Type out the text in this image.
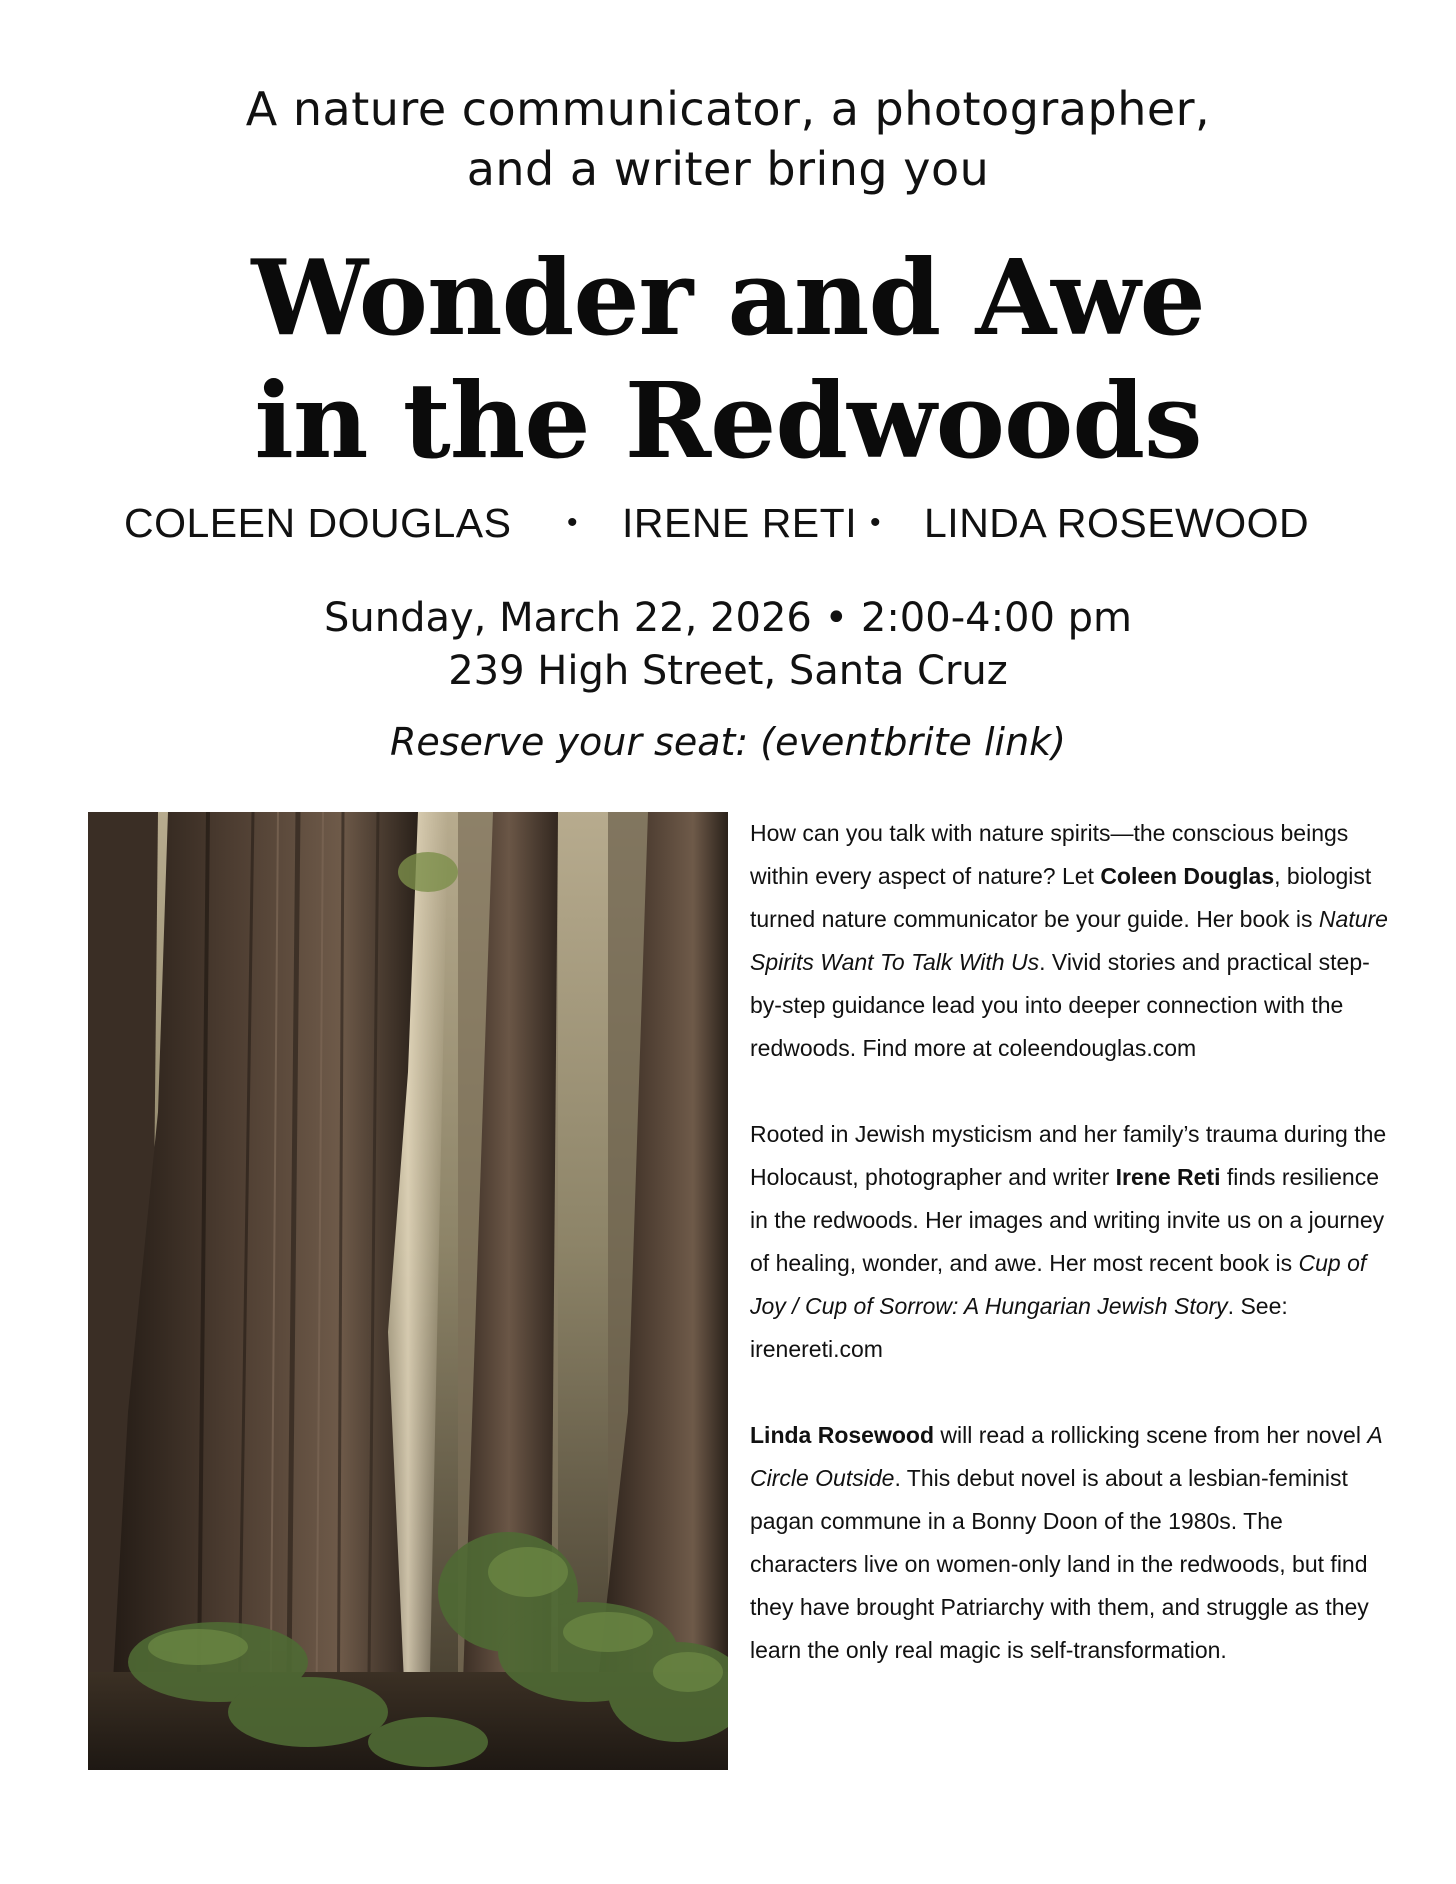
A nature communicator, a photographer,
and a writer bring you
Wonder and Awe
in the Redwoods
COLEEN DOUGLAS • IRENE RETI • LINDA ROSEWOOD
Sunday, March 22, 2026 • 2:00-4:00 pm
239 High Street, Santa Cruz
Reserve your seat: (eventbrite link)

How can you talk with nature spirits—the conscious beings within every aspect of nature? Let Coleen Douglas, biologist turned nature communicator be your guide. Her book is Nature Spirits Want To Talk With Us. Vivid stories and practical step-by-step guidance lead you into deeper connection with the redwoods. Find more at coleendouglas.com

Rooted in Jewish mysticism and her family’s trauma during the Holocaust, photographer and writer Irene Reti finds resilience in the redwoods. Her images and writing invite us on a journey of healing, wonder, and awe. Her most recent book is Cup of Joy / Cup of Sorrow: A Hungarian Jewish Story. See: irenereti.com

Linda Rosewood will read a rollicking scene from her novel A Circle Outside. This debut novel is about a lesbian-feminist pagan commune in a Bonny Doon of the 1980s. The characters live on women-only land in the redwoods, but find they have brought Patriarchy with them, and struggle as they learn the only real magic is self-transformation.
